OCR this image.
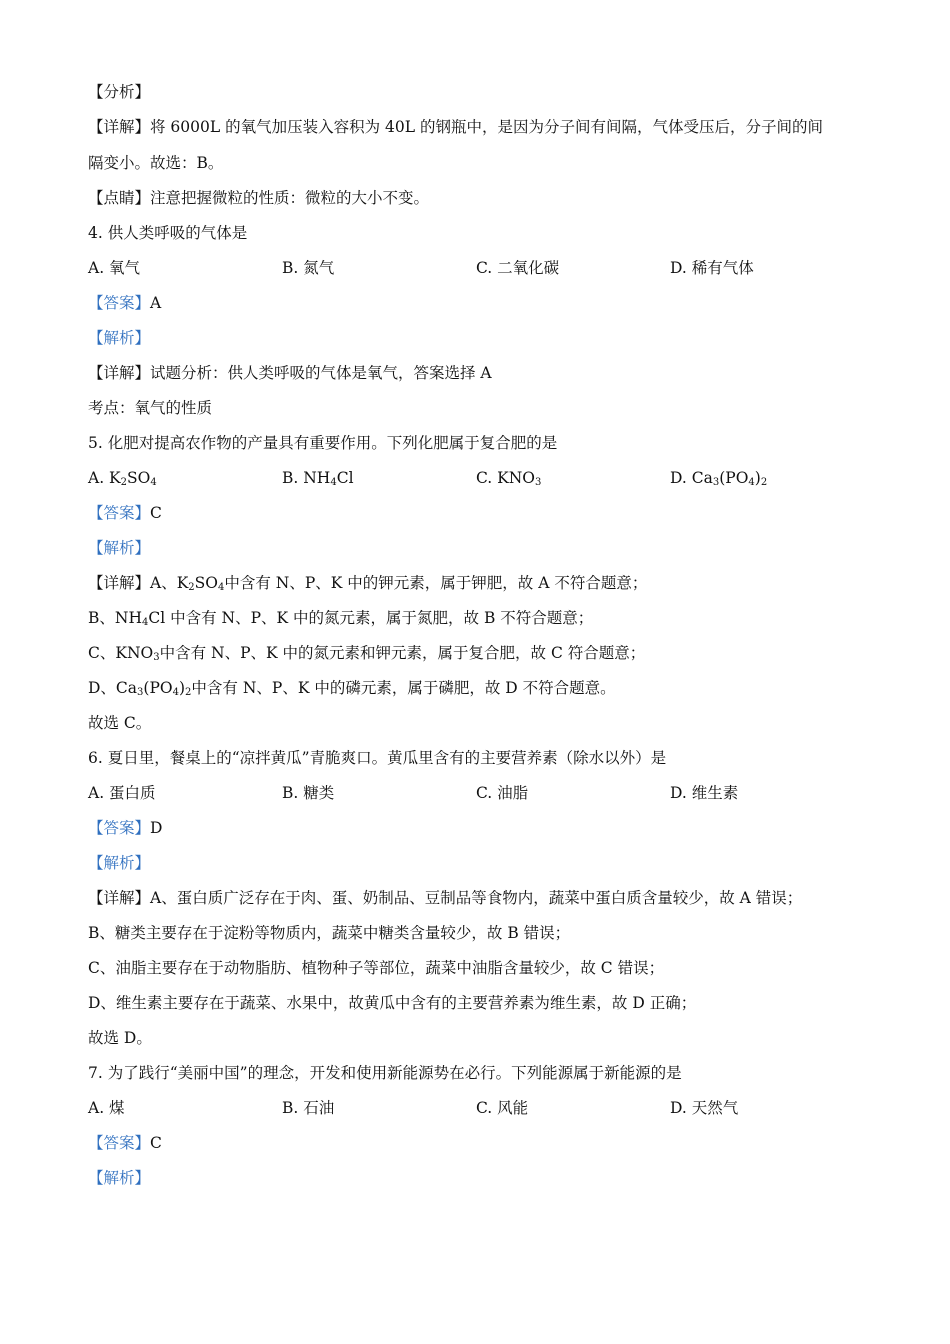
【分析】
【详解】将 6000L 的氧气加压装入容积为 40L 的钢瓶中，是因为分子间有间隔，气体受压后，分子间的间
隔变小。故选：B。
【点睛】注意把握微粒的性质：微粒的大小不变。
4. 供人类呼吸的气体是
A. 氧气	B. 氮气	C. 二氧化碳	D. 稀有气体
【答案】A
【解析】
【详解】试题分析：供人类呼吸的气体是氧气，答案选择 A
考点：氧气的性质
5. 化肥对提高农作物的产量具有重要作用。下列化肥属于复合肥的是
A. $K_2SO_4$	B. $NH_4Cl$	C. $KNO_3$	D. $Ca_3(PO_4)_2$
【答案】C
【解析】
【详解】A、$K_2SO_4$中含有 N、P、K 中的钾元素，属于钾肥，故 A 不符合题意；
B、$NH_4Cl$ 中含有 N、P、K 中的氮元素，属于氮肥，故 B 不符合题意；
C、$KNO_3$中含有 N、P、K 中的氮元素和钾元素，属于复合肥，故 C 符合题意；
D、$Ca_3(PO_4)_2$中含有 N、P、K 中的磷元素，属于磷肥，故 D 不符合题意。
故选 C。
6. 夏日里，餐桌上的“凉拌黄瓜”青脆爽口。黄瓜里含有的主要营养素（除水以外）是
A. 蛋白质	B. 糖类	C. 油脂	D. 维生素
【答案】D
【解析】
【详解】A、蛋白质广泛存在于肉、蛋、奶制品、豆制品等食物内，蔬菜中蛋白质含量较少，故 A 错误；
B、糖类主要存在于淀粉等物质内，蔬菜中糖类含量较少，故 B 错误；
C、油脂主要存在于动物脂肪、植物种子等部位，蔬菜中油脂含量较少，故 C 错误；
D、维生素主要存在于蔬菜、水果中，故黄瓜中含有的主要营养素为维生素，故 D 正确；
故选 D。
7. 为了践行“美丽中国”的理念，开发和使用新能源势在必行。下列能源属于新能源的是
A. 煤	B. 石油	C. 风能	D. 天然气
【答案】C
【解析】
